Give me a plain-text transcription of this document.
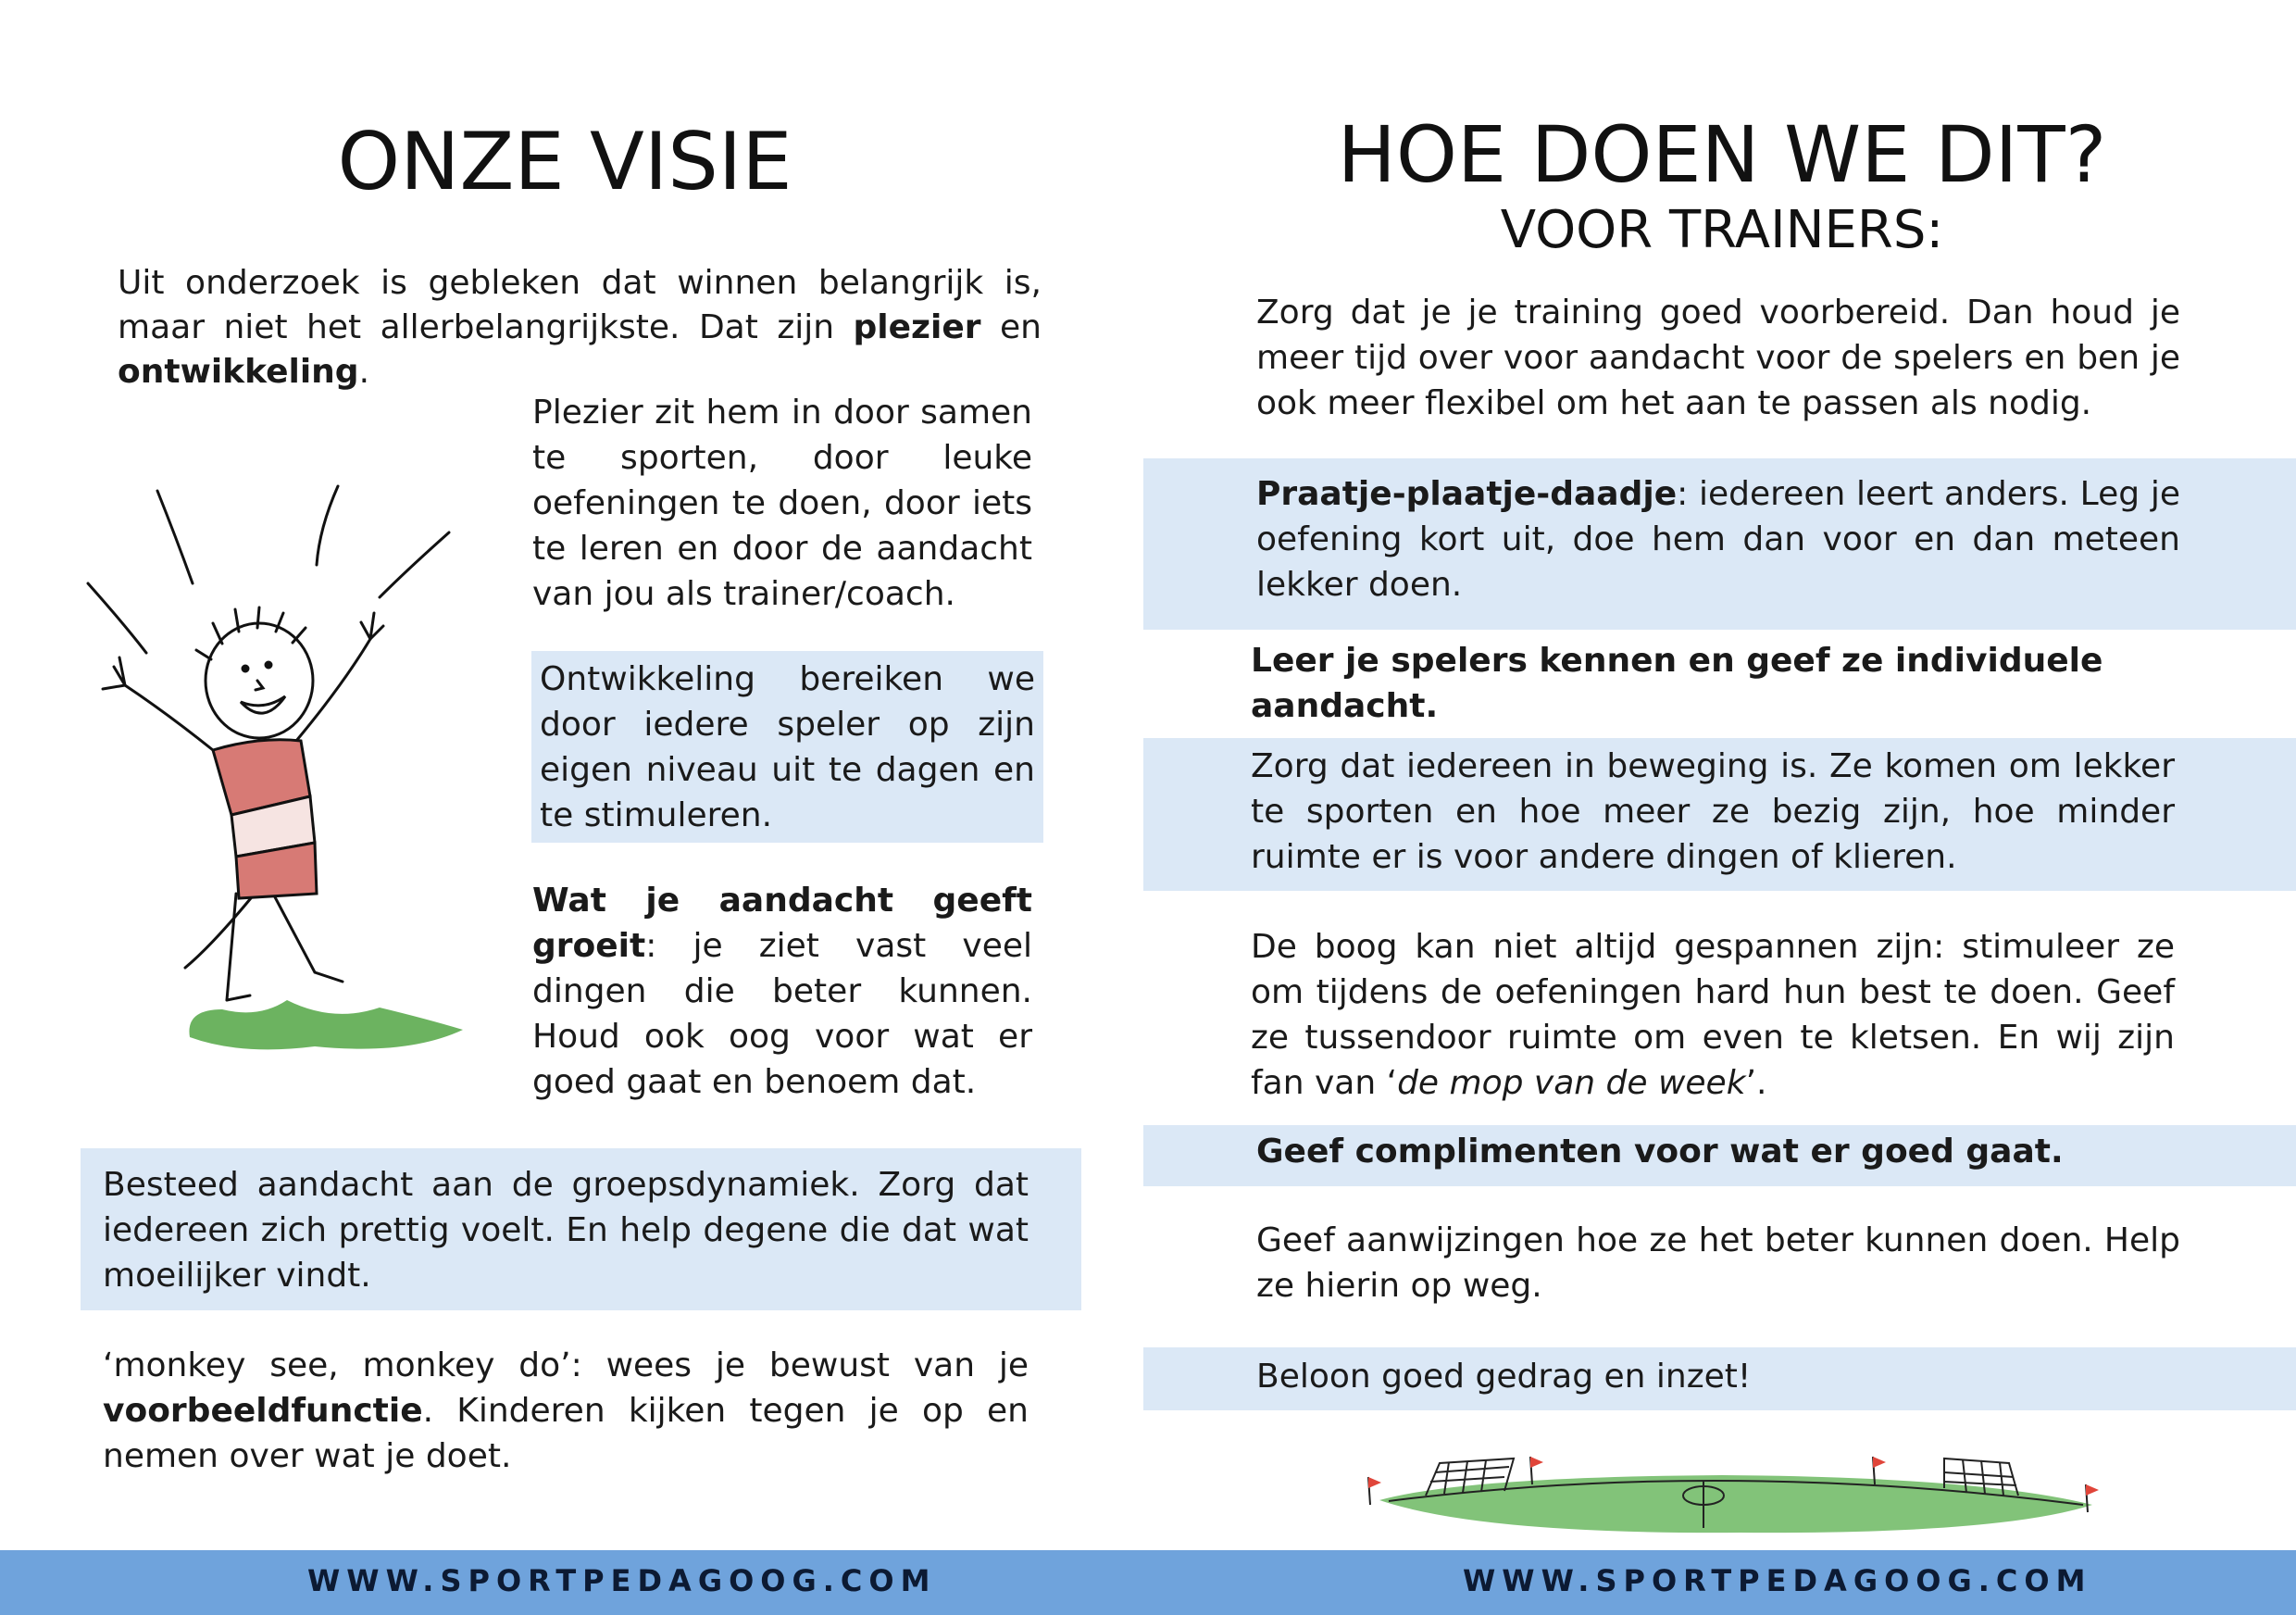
ONZE VISIE
Uit onderzoek is gebleken dat winnen belangrijk is, maar niet het allerbelangrijkste. Dat zijn plezier en ontwikkeling.
Plezier zit hem in door samen te sporten, door leuke oefeningen te doen, door iets te leren en door de aandacht van jou als trainer/coach.
Ontwikkeling bereiken we door iedere speler op zijn eigen niveau uit te dagen en te stimuleren.
Wat je aandacht geeft groeit: je ziet vast veel dingen die beter kunnen. Houd ook oog voor wat er goed gaat en benoem dat.
Besteed aandacht aan de groepsdynamiek. Zorg dat iedereen zich prettig voelt. En help degene die dat wat moeilijker vindt.
‘monkey see, monkey do’: wees je bewust van je voorbeeldfunctie. Kinderen kijken tegen je op en nemen over wat je doet.
HOE DOEN WE DIT?
VOOR TRAINERS:
Zorg dat je je training goed voorbereid. Dan houd je meer tijd over voor aandacht voor de spelers en ben je ook meer flexibel om het aan te passen als nodig.
Praatje-plaatje-daadje: iedereen leert anders. Leg je oefening kort uit, doe hem dan voor en dan meteen lekker doen.
Leer je spelers kennen en geef ze individuele aandacht.
Zorg dat iedereen in beweging is. Ze komen om lekker te sporten en hoe meer ze bezig zijn, hoe minder ruimte er is voor andere dingen of klieren.
De boog kan niet altijd gespannen zijn: stimuleer ze om tijdens de oefeningen hard hun best te doen. Geef ze tussendoor ruimte om even te kletsen. En wij zijn fan van ‘de mop van de week’.
Geef complimenten voor wat er goed gaat.
Geef aanwijzingen hoe ze het beter kunnen doen. Help ze hierin op weg.
Beloon goed gedrag en inzet!
WWW.SPORTPEDAGOOG.COM	WWW.SPORTPEDAGOOG.COM
